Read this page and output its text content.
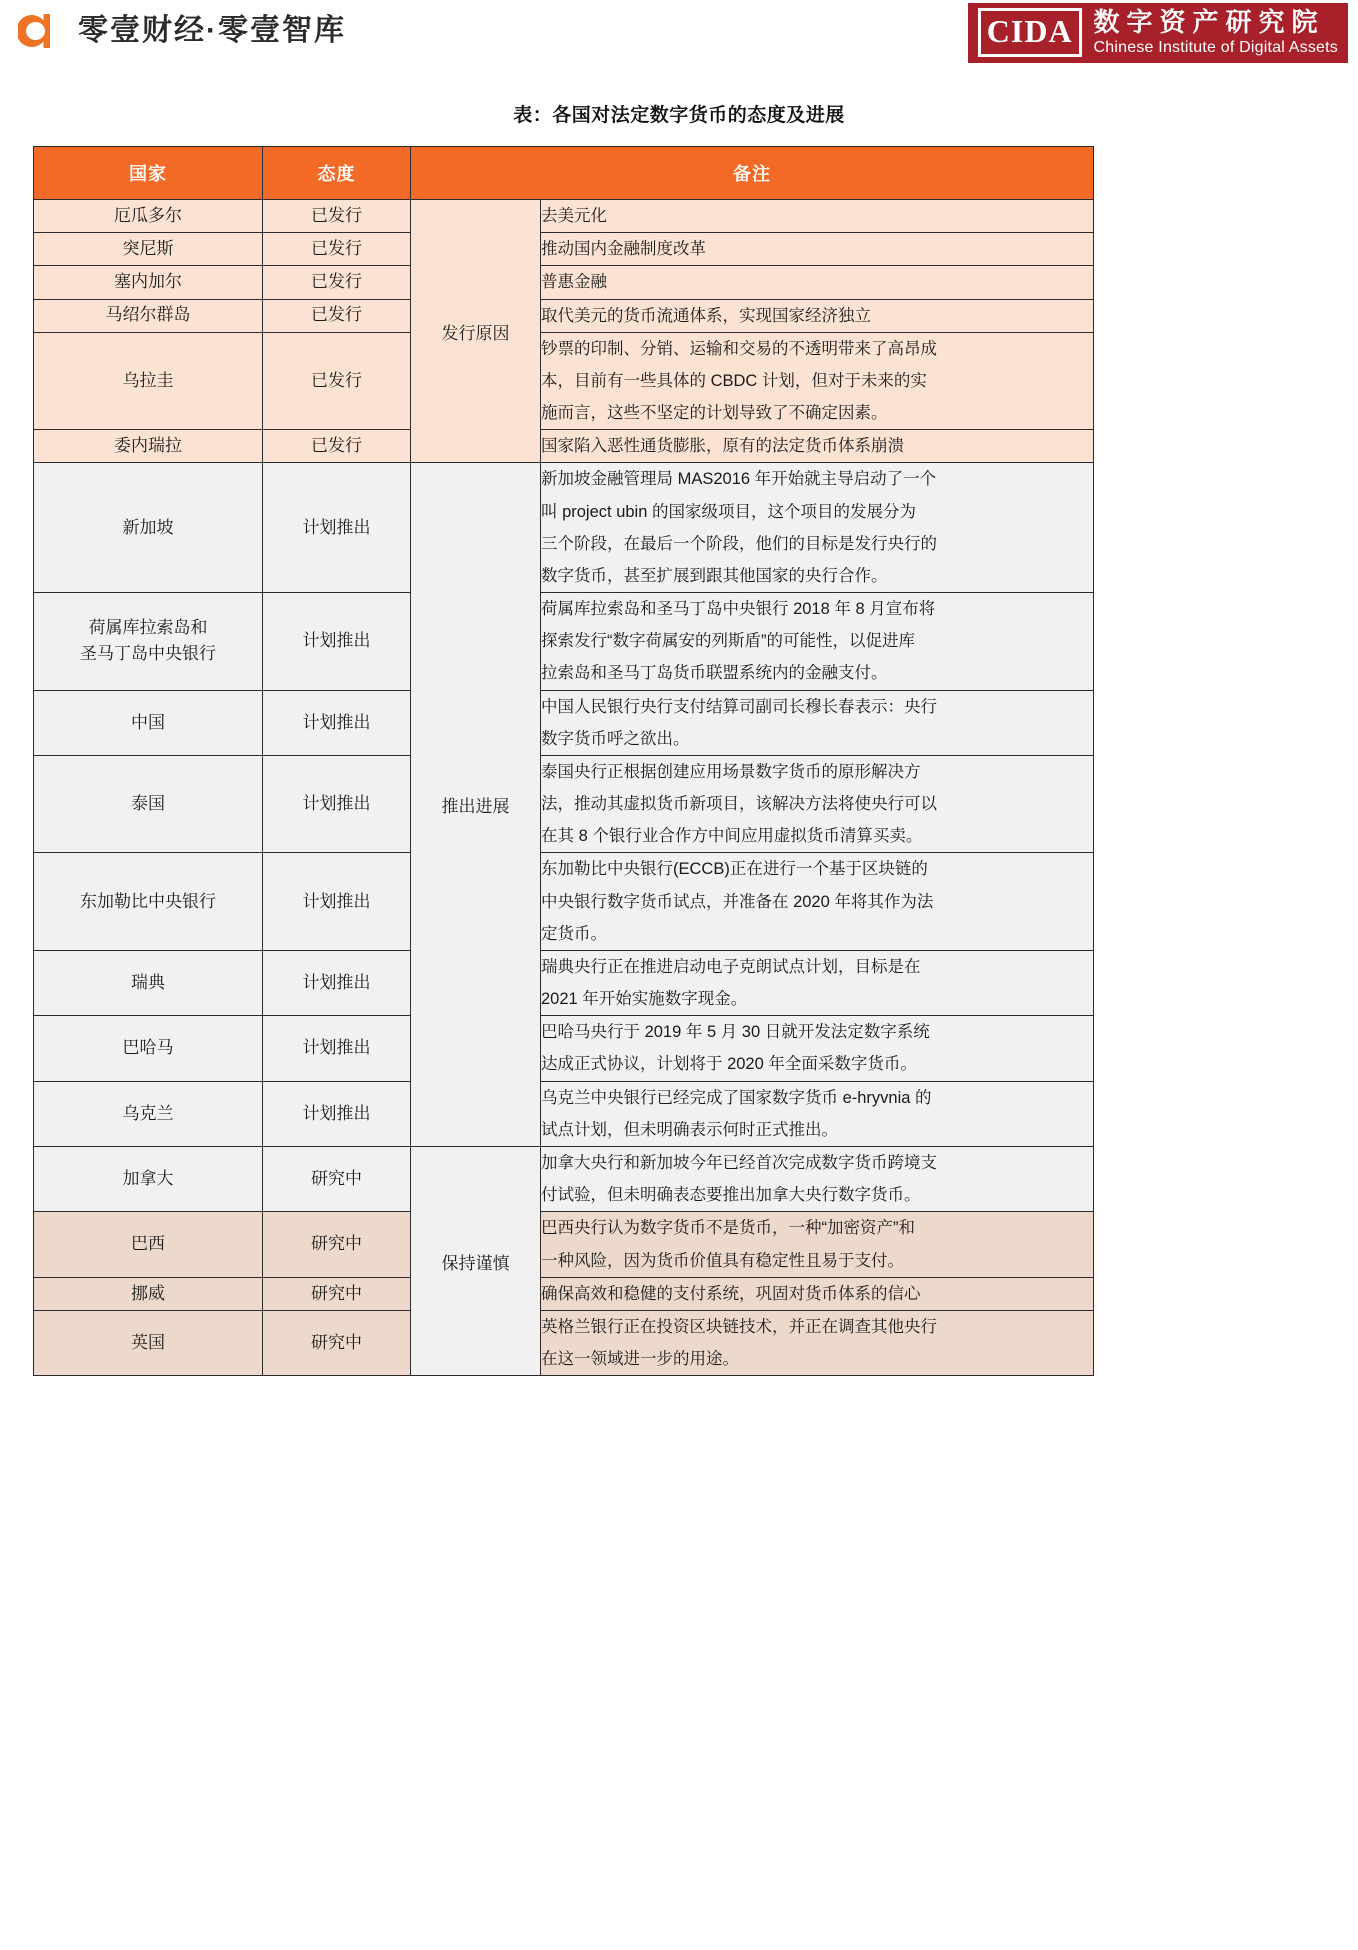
零壹财经·零壹智库	CIDA 数字资产研究院
Chinese Institute of Digital Assets
表：各国对法定数字货币的态度及进展
国家	态度	备注	

厄瓜多尔	已发行	发行原因	去美元化

突尼斯	已发行		推动国内金融制度改革

塞内加尔	已发行		普惠金融

马绍尔群岛	已发行		取代美元的货币流通体系，实现国家经济独立

乌拉圭	已发行		钞票的印制、分销、运输和交易的不透明带来了高昂成
本，目前有一些具体的 CBDC 计划，但对于未来的实
施而言，这些不坚定的计划导致了不确定因素。

委内瑞拉	已发行		国家陷入恶性通货膨胀，原有的法定货币体系崩溃

新加坡	计划推出	推出进展	新加坡金融管理局 MAS2016 年开始就主导启动了一个
叫 project ubin 的国家级项目，这个项目的发展分为
三个阶段，在最后一个阶段，他们的目标是发行央行的
数字货币，甚至扩展到跟其他国家的央行合作。

荷属库拉索岛和
圣马丁岛中央银行	计划推出		荷属库拉索岛和圣马丁岛中央银行 2018 年 8 月宣布将
探索发行“数字荷属安的列斯盾”的可能性，以促进库
拉索岛和圣马丁岛货币联盟系统内的金融支付。

中国	计划推出		中国人民银行央行支付结算司副司长穆长春表示：央行
数字货币呼之欲出。

泰国	计划推出		泰国央行正根据创建应用场景数字货币的原形解决方
法，推动其虚拟货币新项目，该解决方法将使央行可以
在其 8 个银行业合作方中间应用虚拟货币清算买卖。

东加勒比中央银行	计划推出		东加勒比中央银行(ECCB)正在进行一个基于区块链的
中央银行数字货币试点，并准备在 2020 年将其作为法
定货币。

瑞典	计划推出		瑞典央行正在推进启动电子克朗试点计划，目标是在
2021 年开始实施数字现金。

巴哈马	计划推出		巴哈马央行于 2019 年 5 月 30 日就开发法定数字系统
达成正式协议，计划将于 2020 年全面采数字货币。

乌克兰	计划推出		乌克兰中央银行已经完成了国家数字货币 e-hryvnia 的
试点计划，但未明确表示何时正式推出。

加拿大	研究中	保持谨慎	加拿大央行和新加坡今年已经首次完成数字货币跨境支
付试验，但未明确表态要推出加拿大央行数字货币。

巴西	研究中		巴西央行认为数字货币不是货币，一种“加密资产”和
一种风险，因为货币价值具有稳定性且易于支付。

挪威	研究中		确保高效和稳健的支付系统，巩固对货币体系的信心

英国	研究中		英格兰银行正在投资区块链技术，并正在调查其他央行
在这一领域进一步的用途。
